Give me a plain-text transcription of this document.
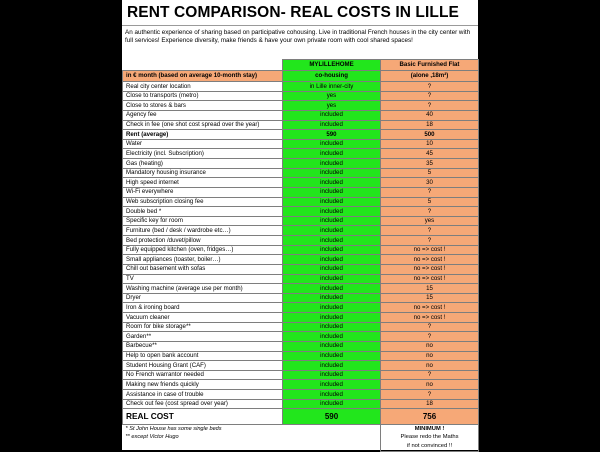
RENT COMPARISON- REAL COSTS IN LILLE
An authentic experience of sharing based on participative cohousing. Live in traditional French houses in the city center with full services! Experience diversity, make friends & have your own private room with cool shared spaces!
	MYLILLEHOME	Basic Furnished Flat
in € month (based on average 10-month stay)	co-housing	(alone ,18m²)
Real city center location	in Lille inner-city	?
Close to transports (metro)	yes	?
Close to stores & bars	yes	?
Agency fee	included	40
Check in fee (one shot cost spread over the year)	included	18
Rent (average)	590	500
Water	included	10
Electricity (incl. Subscription)	included	45
Gas (heating)	included	35
Mandatory housing insurance	included	5
High speed internet	included	30
Wi-Fi everywhere	included	?
Web subscription closing fee	included	5
Double bed *	included	?
Specific key for room	included	yes
Furniture (bed / desk / wardrobe etc…)	included	?
Bed protection /duvet/pillow	included	?
Fully equipped kitchen (oven, fridges…)	included	no => cost !
Small appliances (toaster, boiler…)	included	no => cost !
Chill out basement with sofas	included	no => cost !
TV	included	no => cost !
Washing machine (average use per month)	included	15
Dryer	included	15
Iron & ironing board	included	no => cost !
Vacuum cleaner	included	no => cost !
Room for bike storage**	included	?
Garden**	included	?
Barbecue**	included	no
Help to open bank account	included	no
Student Housing Grant (CAF)	included	no
No French warrantor needed	included	?
Making new friends quickly	included	no
Assistance in case of trouble	included	?
Check out fee (cost spread over year)	included	18
REAL COST	590	756
* St John House has some single beds		MINIMUM !
** except Victor Hugo		Please redo the Maths
		if not convinced !!
